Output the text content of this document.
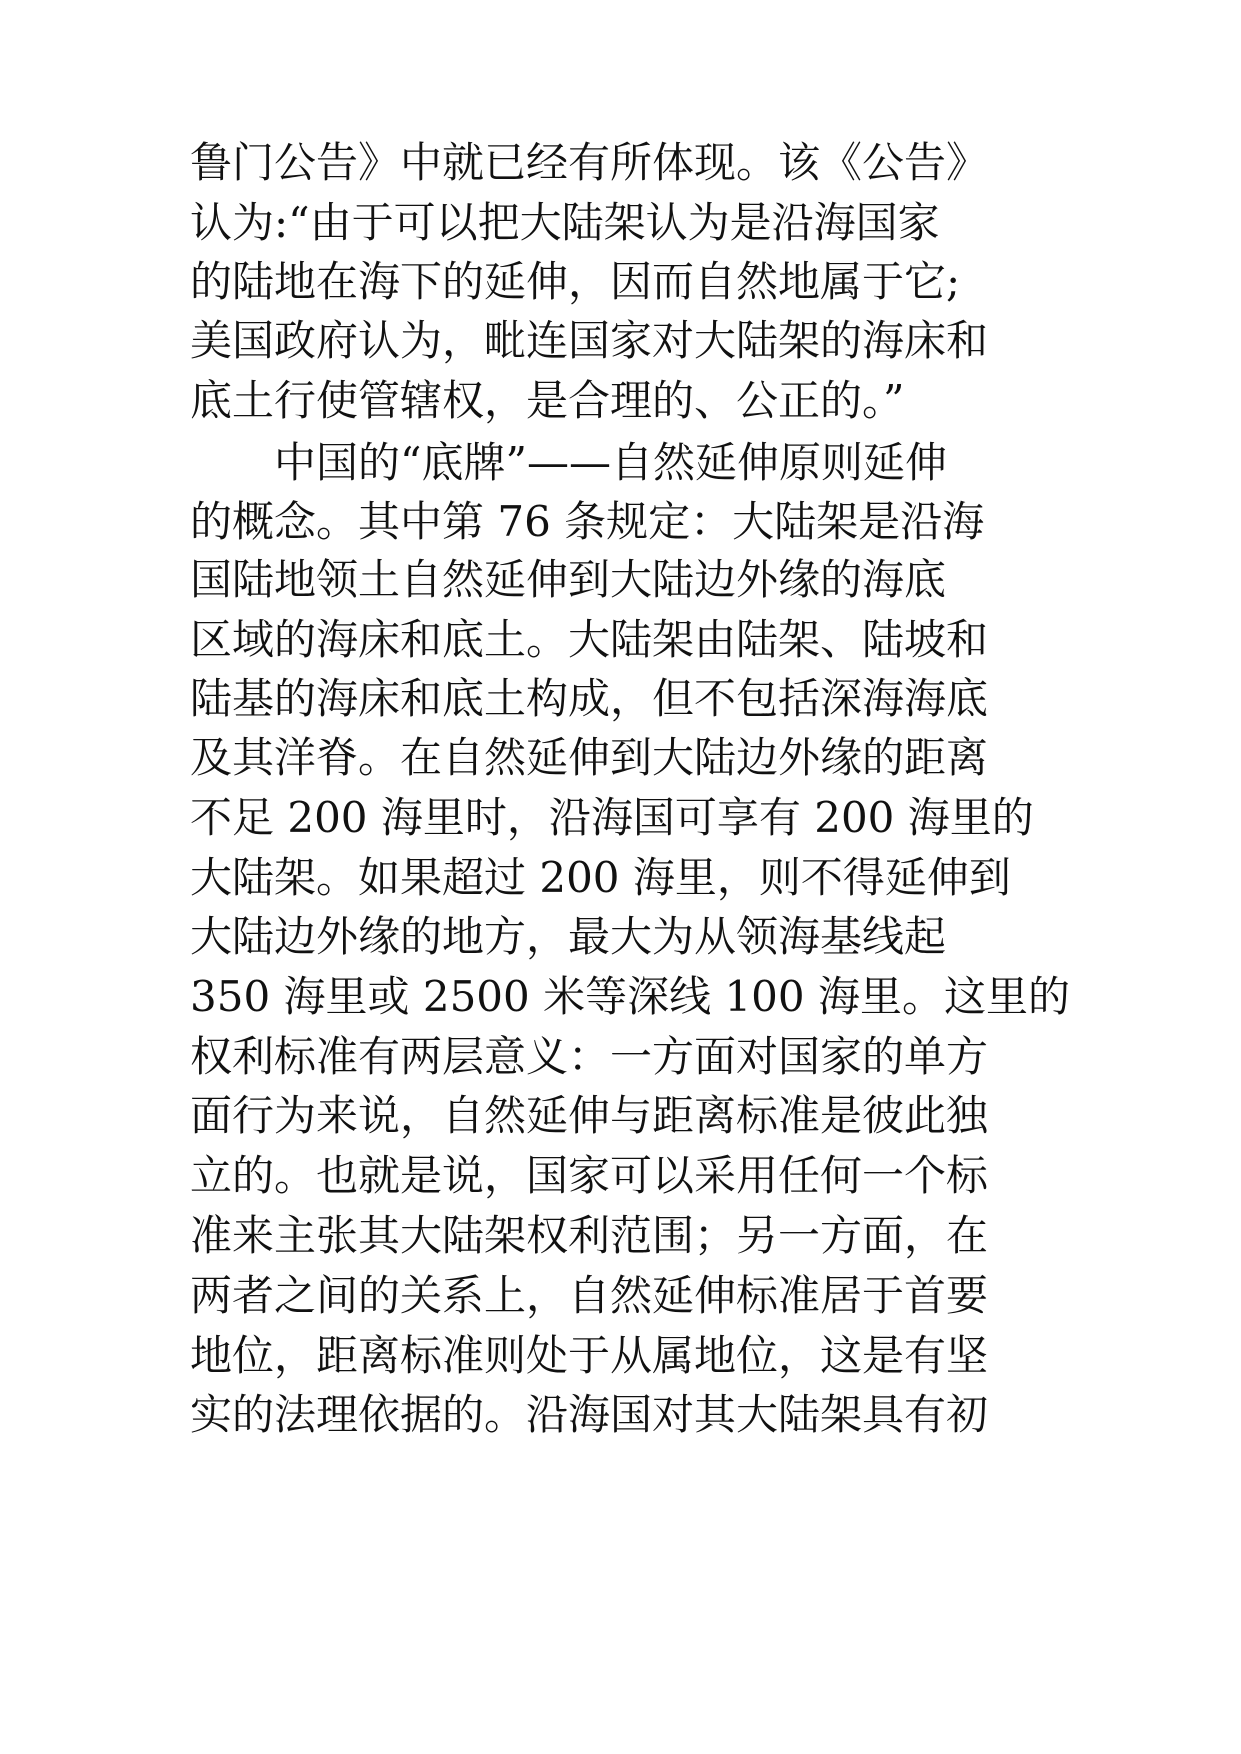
鲁门公告》中就已经有所体现。该《公告》
认为:“由于可以把大陆架认为是沿海国家
的陆地在海下的延伸，因而自然地属于它;
美国政府认为，毗连国家对大陆架的海床和
底土行使管辖权，是合理的、公正的。”
　　中国的“底牌”——自然延伸原则延伸
的概念。其中第 76 条规定：大陆架是沿海
国陆地领土自然延伸到大陆边外缘的海底
区域的海床和底土。大陆架由陆架、陆坡和
陆基的海床和底土构成，但不包括深海海底
及其洋脊。在自然延伸到大陆边外缘的距离
不足 200 海里时，沿海国可享有 200 海里的
大陆架。如果超过 200 海里，则不得延伸到
大陆边外缘的地方，最大为从领海基线起
350 海里或 2500 米等深线 100 海里。这里的
权利标准有两层意义：一方面对国家的单方
面行为来说，自然延伸与距离标准是彼此独
立的。也就是说，国家可以采用任何一个标
准来主张其大陆架权利范围；另一方面，在
两者之间的关系上，自然延伸标准居于首要
地位，距离标准则处于从属地位，这是有坚
实的法理依据的。沿海国对其大陆架具有初
